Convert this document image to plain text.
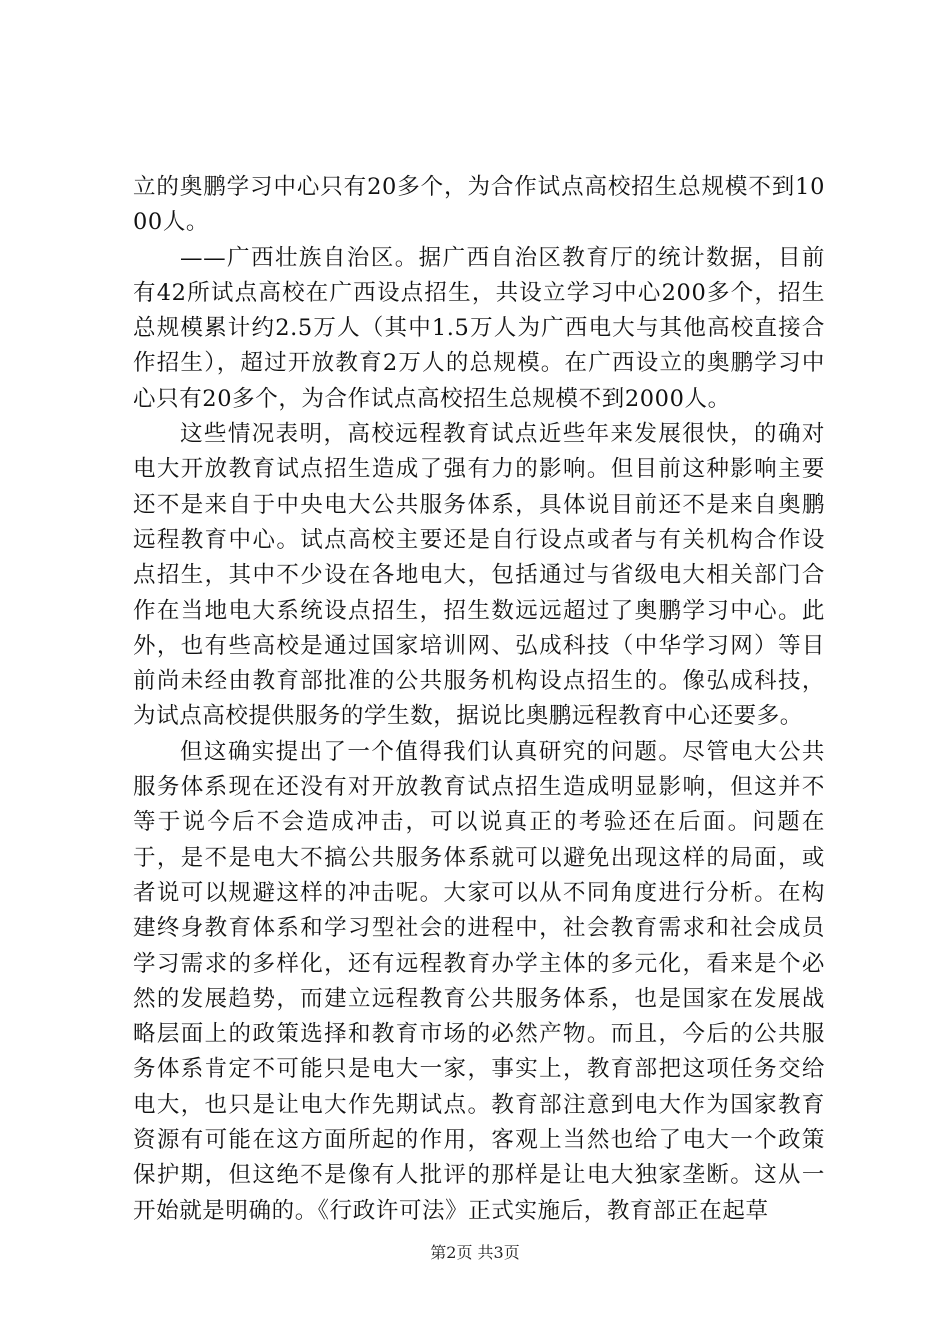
立的奥鹏学习中心只有20多个，为合作试点高校招生总规模不到1000人。

——广西壮族自治区。据广西自治区教育厅的统计数据，目前有42所试点高校在广西设点招生，共设立学习中心200多个，招生总规模累计约2.5万人（其中1.5万人为广西电大与其他高校直接合作招生），超过开放教育2万人的总规模。在广西设立的奥鹏学习中心只有20多个，为合作试点高校招生总规模不到2000人。

这些情况表明，高校远程教育试点近些年来发展很快，的确对电大开放教育试点招生造成了强有力的影响。但目前这种影响主要还不是来自于中央电大公共服务体系，具体说目前还不是来自奥鹏远程教育中心。试点高校主要还是自行设点或者与有关机构合作设点招生，其中不少设在各地电大，包括通过与省级电大相关部门合作在当地电大系统设点招生，招生数远远超过了奥鹏学习中心。此外，也有些高校是通过国家培训网、弘成科技（中华学习网）等目前尚未经由教育部批准的公共服务机构设点招生的。像弘成科技，为试点高校提供服务的学生数，据说比奥鹏远程教育中心还要多。

但这确实提出了一个值得我们认真研究的问题。尽管电大公共服务体系现在还没有对开放教育试点招生造成明显影响，但这并不等于说今后不会造成冲击，可以说真正的考验还在后面。问题在于，是不是电大不搞公共服务体系就可以避免出现这样的局面，或者说可以规避这样的冲击呢。大家可以从不同角度进行分析。在构建终身教育体系和学习型社会的进程中，社会教育需求和社会成员学习需求的多样化，还有远程教育办学主体的多元化，看来是个必然的发展趋势，而建立远程教育公共服务体系，也是国家在发展战略层面上的政策选择和教育市场的必然产物。而且，今后的公共服务体系肯定不可能只是电大一家，事实上，教育部把这项任务交给电大，也只是让电大作先期试点。教育部注意到电大作为国家教育资源有可能在这方面所起的作用，客观上当然也给了电大一个政策保护期，但这绝不是像有人批评的那样是让电大独家垄断。这从一开始就是明确的。《行政许可法》正式实施后，教育部正在起草

第2页 共3页
